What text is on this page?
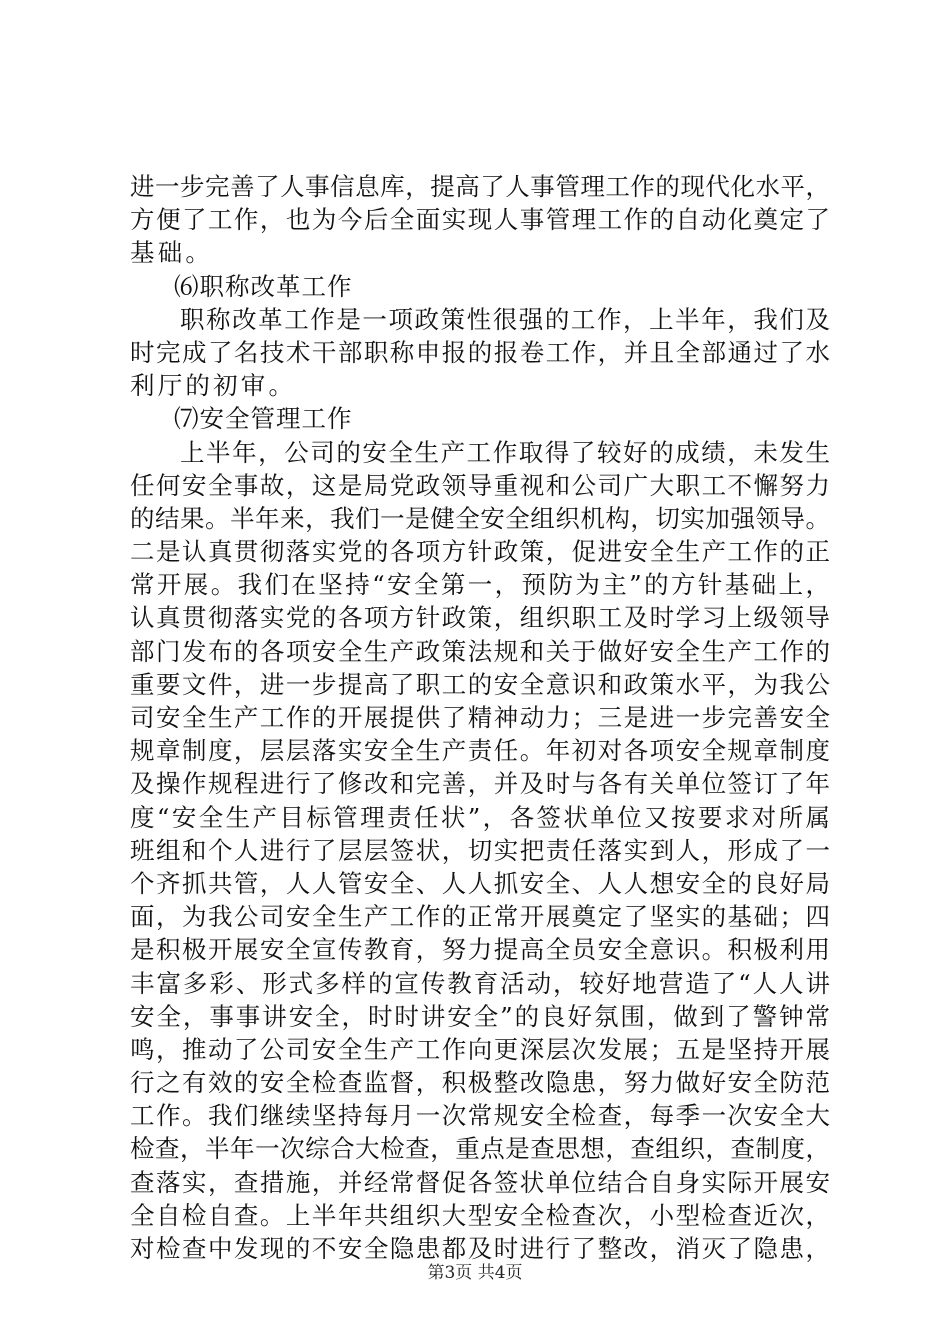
进一步完善了人事信息库，提高了人事管理工作的现代化水平，
方便了工作，也为今后全面实现人事管理工作的自动化奠定了
基础。
⑹职称改革工作
职称改革工作是一项政策性很强的工作，上半年，我们及
时完成了名技术干部职称申报的报卷工作，并且全部通过了水
利厅的初审。
⑺安全管理工作
上半年，公司的安全生产工作取得了较好的成绩，未发生
任何安全事故，这是局党政领导重视和公司广大职工不懈努力
的结果。半年来，我们一是健全安全组织机构，切实加强领导。
二是认真贯彻落实党的各项方针政策，促进安全生产工作的正
常开展。我们在坚持“安全第一，预防为主”的方针基础上，
认真贯彻落实党的各项方针政策，组织职工及时学习上级领导
部门发布的各项安全生产政策法规和关于做好安全生产工作的
重要文件，进一步提高了职工的安全意识和政策水平，为我公
司安全生产工作的开展提供了精神动力；三是进一步完善安全
规章制度，层层落实安全生产责任。年初对各项安全规章制度
及操作规程进行了修改和完善，并及时与各有关单位签订了年
度“安全生产目标管理责任状”，各签状单位又按要求对所属
班组和个人进行了层层签状，切实把责任落实到人，形成了一
个齐抓共管，人人管安全、人人抓安全、人人想安全的良好局
面，为我公司安全生产工作的正常开展奠定了坚实的基础；四
是积极开展安全宣传教育，努力提高全员安全意识。积极利用
丰富多彩、形式多样的宣传教育活动，较好地营造了“人人讲
安全，事事讲安全，时时讲安全”的良好氛围，做到了警钟常
鸣，推动了公司安全生产工作向更深层次发展；五是坚持开展
行之有效的安全检查监督，积极整改隐患，努力做好安全防范
工作。我们继续坚持每月一次常规安全检查，每季一次安全大
检查，半年一次综合大检查，重点是查思想，查组织，查制度，
查落实，查措施，并经常督促各签状单位结合自身实际开展安
全自检自查。上半年共组织大型安全检查次，小型检查近次，
对检查中发现的不安全隐患都及时进行了整改，消灭了隐患，
第3页 共4页
